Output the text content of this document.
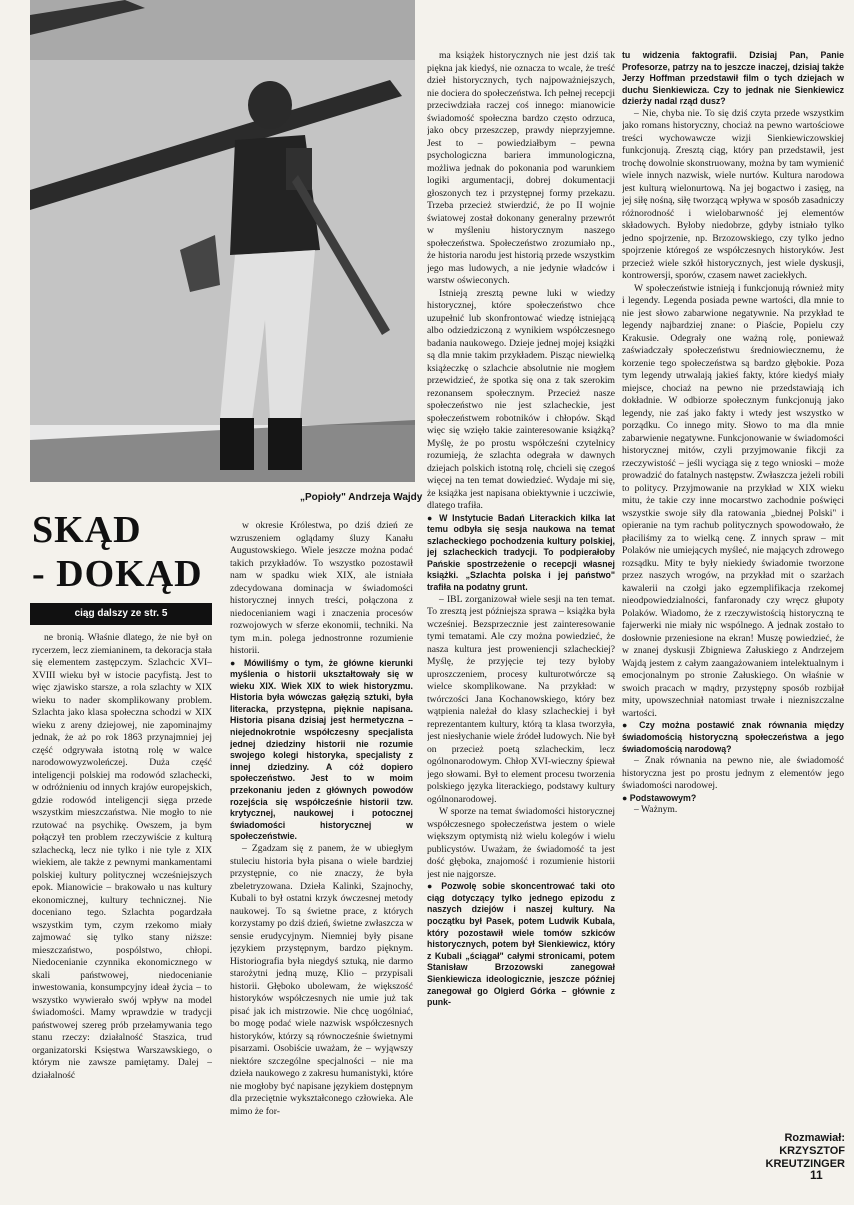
„Popioły" Andrzeja Wajdy
SKĄD
- DOKĄD
ciąg dalszy ze str. 5

ne bronią. Właśnie dlatego, że nie był on rycerzem, lecz ziemianinem, ta dekoracja stała się elementem zastępczym. Szlachcic XVI–XVIII wieku był w istocie pacyfistą. Jest to więc zjawisko starsze, a rola szlachty w XIX wieku to nader skomplikowany problem. Szlachta jako klasa społeczna schodzi w XIX wieku z areny dziejowej, nie zapominajmy jednak, że aż po rok 1863 przynajmniej jej część odgrywała istotną rolę w walce narodowowyzwoleńczej. Duża część inteligencji polskiej ma rodowód szlachecki, w odróżnieniu od innych krajów europejskich, gdzie rodowód inteligencji sięga przede wszystkim mieszczaństwa. Nie mogło to nie rzutować na psychikę. Owszem, ja bym połączył ten problem rzeczywiście z kulturą szlachecką, lecz nie tylko i nie tyle z XIX wiekiem, ale także z pewnymi mankamentami polskiej kultury politycznej wcześniejszych epok. Mianowicie – brakowało u nas kultury ekonomicznej, kultury technicznej. Nie doceniano tego. Szlachta pogardzała wszystkim tym, czym rzekomo miały zajmować się tylko stany niższe: mieszczaństwo, pospólstwo, chłopi. Niedocenianie czynnika ekonomicznego w skali państwowej, niedocenianie inwestowania, konsumpcyjny ideał życia – to wszystko wywierało swój wpływ na model świadomości. Mamy wprawdzie w tradycji państwowej szereg prób przełamywania tego stanu rzeczy: działalność Staszica, trud organizatorski Księstwa Warszawskiego, o którym nie zawsze pamiętamy. Dalej – działalność

w okresie Królestwa, po dziś dzień ze wzruszeniem oglądamy śluzy Kanału Augustowskiego. Wiele jeszcze można podać takich przykładów. To wszystko pozostawił nam w spadku wiek XIX, ale istniała zdecydowana dominacja w świadomości historycznej innych treści, połączona z niedocenianiem wagi i znaczenia procesów rozwojowych w sferze ekonomii, techniki. Na tym m.in. polega jednostronne rozumienie historii.

● Mówiliśmy o tym, że główne kierunki myślenia o historii ukształtowały się w wieku XIX. Wiek XIX to wiek historyzmu. Historia była wówczas gałęzią sztuki, była literacka, przystępna, pięknie napisana. Historia pisana dzisiaj jest hermetyczna – niejednokrotnie współczesny specjalista jednej dziedziny historii nie rozumie swojego kolegi historyka, specjalisty z innej dziedziny. A cóż dopiero społeczeństwo. Jest to w moim przekonaniu jeden z głównych powodów rozejścia się współcześnie historii tzw. krytycznej, naukowej i potocznej świadomości historycznej w społeczeństwie.

– Zgadzam się z panem, że w ubiegłym stuleciu historia była pisana o wiele bardziej przystępnie, co nie znaczy, że była zbeletryzowana. Dzieła Kalinki, Szajnochy, Kubali to był ostatni krzyk ówczesnej metody naukowej. To są świetne prace, z których korzystamy po dziś dzień, świetne zwłaszcza w sensie erudycyjnym. Niemniej były pisane językiem przystępnym, bardzo pięknym. Historiografia była niegdyś sztuką, nie darmo starożytni jedną muzę, Klio – przypisali historii. Głęboko ubolewam, że większość historyków współczesnych nie umie już tak pisać jak ich mistrzowie. Nie chcę uogólniać, bo mogę podać wiele nazwisk współczesnych historyków, którzy są równocześnie świetnymi pisarzami. Osobiście uważam, że – wyjąwszy niektóre szczególne specjalności – nie ma dzieła naukowego z zakresu humanistyki, które nie mogłoby być napisane językiem dostępnym dla przeciętnie wykształconego człowieka. Ale mimo że for-

ma książek historycznych nie jest dziś tak piękna jak kiedyś, nie oznacza to wcale, że treść dzieł historycznych, tych najpoważniejszych, nie dociera do społeczeństwa. Ich pełnej recepcji przeciwdziała raczej coś innego: mianowicie świadomość społeczna bardzo często odrzuca, jako obcy przeszczep, prawdy nieprzyjemne. Jest to – powiedziałbym – pewna psychologiczna bariera immunologiczna, możliwa jednak do pokonania pod warunkiem logiki argumentacji, dobrej dokumentacji głoszonych tez i przystępnej formy przekazu. Trzeba przecież stwierdzić, że po II wojnie światowej został dokonany generalny przewrót w myśleniu historycznym naszego społeczeństwa. Społeczeństwo zrozumiało np., że historia narodu jest historią przede wszystkim jego mas ludowych, a nie jedynie władców i warstw oświeconych.

Istnieją zresztą pewne luki w wiedzy historycznej, które społeczeństwo chce uzupełnić lub skonfrontować wiedzę istniejącą albo odziedziczoną z wynikiem współczesnego badania naukowego. Dzieje jednej mojej książki są dla mnie takim przykładem. Pisząc niewielką książeczkę o szlachcie absolutnie nie mogłem przewidzieć, że spotka się ona z tak szerokim rezonansem społecznym. Przecież nasze społeczeństwo nie jest szlacheckie, jest społeczeństwem robotników i chłopów. Skąd więc się wzięło takie zainteresowanie książką? Myślę, że po prostu współcześni czytelnicy rozumieją, że szlachta odegrała w dawnych dziejach polskich istotną rolę, chcieli się czegoś więcej na ten temat dowiedzieć. Wydaje mi się, że książka jest napisana obiektywnie i uczciwie, dlatego trafiła.

● W Instytucie Badań Literackich kilka lat temu odbyła się sesja naukowa na temat szlacheckiego pochodzenia kultury polskiej, jej szlacheckich tradycji. To podpierałoby Pańskie spostrzeżenie o recepcji własnej książki. „Szlachta polska i jej państwo" trafiła na podatny grunt.

– IBL zorganizował wiele sesji na ten temat. To zresztą jest późniejsza sprawa – książka była wcześniej. Bezsprzecznie jest zainteresowanie tymi tematami. Ale czy można powiedzieć, że nasza kultura jest proweniencji szlacheckiej? Myślę, że przyjęcie tej tezy byłoby uproszczeniem, procesy kulturotwórcze są wielce skomplikowane. Na przykład: w twórczości Jana Kochanowskiego, który bez wątpienia należał do klasy szlacheckiej i był reprezentantem kultury, którą ta klasa tworzyła, jest niesłychanie wiele źródeł ludowych. Nie był on przecież poetą szlacheckim, lecz ogólnonarodowym. Chłop XVI-wieczny śpiewał jego słowami. Był to element procesu tworzenia polskiego języka literackiego, podstawy kultury ogólnonarodowej.

W sporze na temat świadomości historycznej współczesnego społeczeństwa jestem o wiele większym optymistą niż wielu kolegów i wielu publicystów. Uważam, że świadomość ta jest dość głęboka, znajomość i rozumienie historii jest nie najgorsze.

● Pozwolę sobie skoncentrować taki oto ciąg dotyczący tylko jednego epizodu z naszych dziejów i naszej kultury. Na początku był Pasek, potem Ludwik Kubala, który pozostawił wiele tomów szkiców historycznych, potem był Sienkiewicz, który z Kubali „ściągał" całymi stronicami, potem Stanisław Brzozowski zanegował Sienkiewicza ideologicznie, jeszcze później zanegował go Olgierd Górka – głównie z punk-

tu widzenia faktografii. Dzisiaj Pan, Panie Profesorze, patrzy na to jeszcze inaczej, dzisiaj także Jerzy Hoffman przedstawił film o tych dziejach w duchu Sienkiewicza. Czy to jednak nie Sienkiewicz dzierży nadal rząd dusz?

– Nie, chyba nie. To się dziś czyta przede wszystkim jako romans historyczny, chociaż na pewno wartościowe treści wychowawcze wizji Sienkiewiczowskiej funkcjonują. Zresztą ciąg, który pan przedstawił, jest trochę dowolnie skonstruowany, można by tam wymienić wiele innych nazwisk, wiele nurtów. Kultura narodowa jest kulturą wielonurtową. Na jej bogactwo i zasięg, na jej siłę nośną, siłę tworzącą wpływa w sposób zasadniczy różnorodność i wielobarwność jej elementów składowych. Byłoby niedobrze, gdyby istniało tylko jedno spojrzenie, np. Brzozowskiego, czy tylko jedno spojrzenie któregoś ze współczesnych historyków. Jest przecież wiele szkół historycznych, jest wiele dyskusji, kontrowersji, sporów, czasem nawet zaciekłych.

W społeczeństwie istnieją i funkcjonują również mity i legendy. Legenda posiada pewne wartości, dla mnie to nie jest słowo zabarwione negatywnie. Na przykład te legendy najbardziej znane: o Piaście, Popielu czy Krakusie. Odegrały one ważną rolę, ponieważ zaświadczały społeczeństwu średniowiecznemu, że korzenie tego społeczeństwa są bardzo głębokie. Poza tym legendy utrwalają jakieś fakty, które kiedyś miały miejsce, chociaż na pewno nie przedstawiają ich dokładnie. W odbiorze społecznym funkcjonują jako legendy, nie zaś jako fakty i wtedy jest wszystko w porządku. Co innego mity. Słowo to ma dla mnie zabarwienie negatywne. Funkcjonowanie w świadomości historycznej mitów, czyli przyjmowanie fikcji za rzeczywistość – jeśli wyciąga się z tego wnioski – może prowadzić do fatalnych następstw. Zwłaszcza jeżeli robili to politycy. Przyjmowanie na przykład w XIX wieku mitu, że takie czy inne mocarstwo zachodnie poświęci wszystkie swoje siły dla ratowania „biednej Polski" i opieranie na tym rachub politycznych spowodowało, że płaciliśmy za to wielką cenę. Z innych spraw – mit Polaków nie umiejących myśleć, nie mających zdrowego rozsądku. Mity te były niekiedy świadomie tworzone przez naszych wrogów, na przykład mit o szarżach kawalerii na czołgi jako egzemplifikacja rzekomej nieodpowiedzialności, fanfaronady czy wręcz głupoty Polaków. Wiadomo, że z rzeczywistością historyczną te fajerwerki nie miały nic wspólnego. A jednak zostało to dosłownie przeniesione na ekran! Muszę powiedzieć, że w znanej dyskusji Zbigniewa Załuskiego z Andrzejem Wajdą jestem z całym zaangażowaniem intelektualnym i emocjonalnym po stronie Załuskiego. On właśnie w swoich pracach w mądry, przystępny sposób rozbijał mity, upowszechniał natomiast trwałe i niezniszczalne wartości.

● Czy można postawić znak równania między świadomością historyczną społeczeństwa a jego świadomością narodową?

– Znak równania na pewno nie, ale świadomość historyczna jest po prostu jednym z elementów jego świadomości narodowej.

● Podstawowym?

– Ważnym.

Rozmawiał:
KRZYSZTOF
KREUTZINGER
11
